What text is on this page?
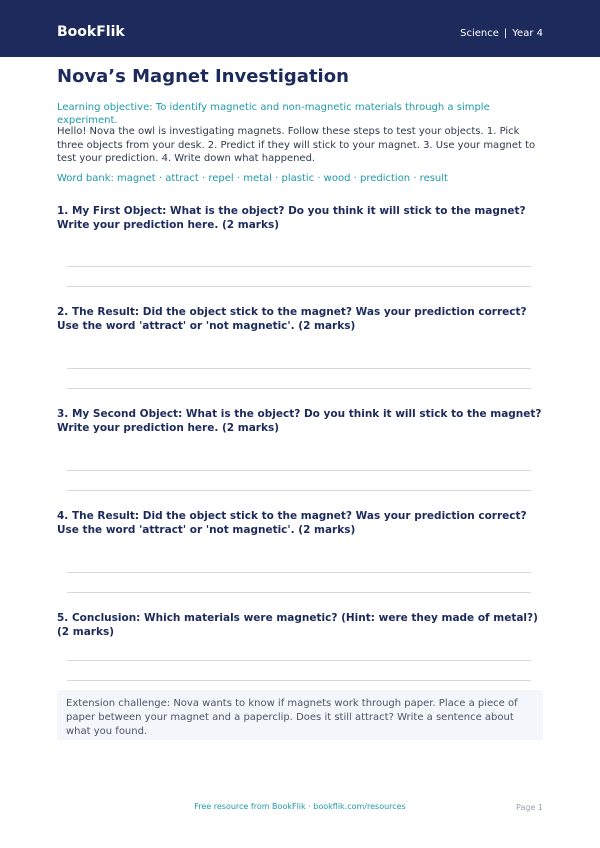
BookFlik	Science | Year 4
Nova’s Magnet Investigation
Learning objective: To identify magnetic and non-magnetic materials through a simple experiment.
Hello! Nova the owl is investigating magnets. Follow these steps to test your objects. 1. Pick three objects from your desk. 2. Predict if they will stick to your magnet. 3. Use your magnet to test your prediction. 4. Write down what happened.
Word bank: magnet · attract · repel · metal · plastic · wood · prediction · result
1. My First Object: What is the object? Do you think it will stick to the magnet? Write your prediction here. (2 marks)
2. The Result: Did the object stick to the magnet? Was your prediction correct? Use the word 'attract' or 'not magnetic'. (2 marks)
3. My Second Object: What is the object? Do you think it will stick to the magnet? Write your prediction here. (2 marks)
4. The Result: Did the object stick to the magnet? Was your prediction correct? Use the word 'attract' or 'not magnetic'. (2 marks)
5. Conclusion: Which materials were magnetic? (Hint: were they made of metal?) (2 marks)
Extension challenge: Nova wants to know if magnets work through paper. Place a piece of paper between your magnet and a paperclip. Does it still attract? Write a sentence about what you found.
Free resource from BookFlik · bookflik.com/resources	Page 1
